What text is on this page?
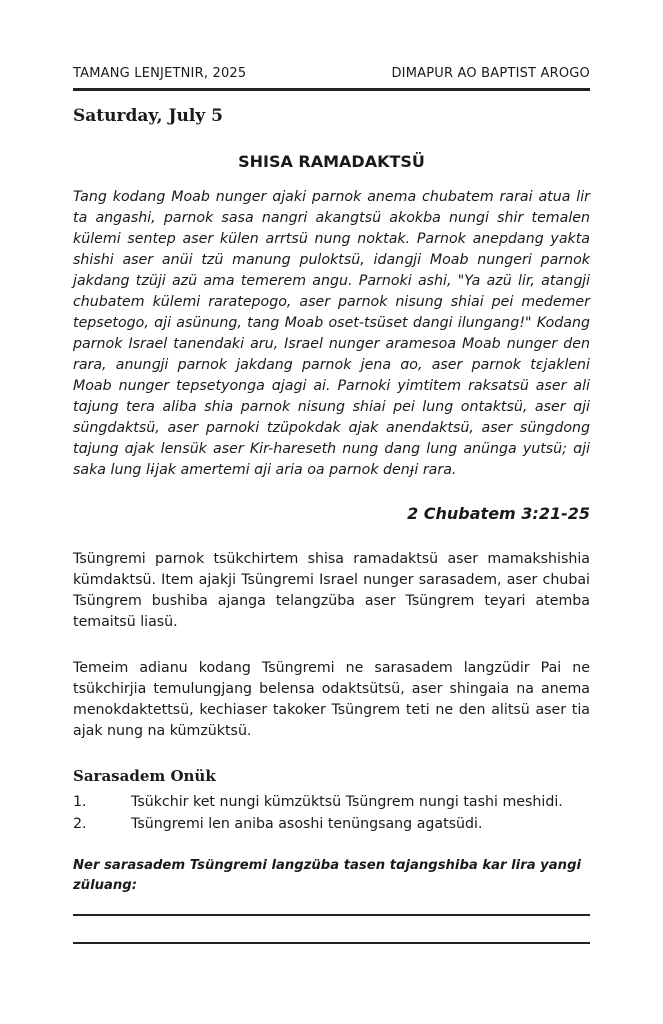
TAMANG LENJETNIR, 2025	DIMAPUR AO BAPTIST AROGO
Saturday, July 5
SHISA RAMADAKTSÜ
Tang kodang Moab nunger ɑjaki parnok anema chubatem rarai atua lir ta angashi, parnok sasa nangri akangtsü akokba nungi shir temalen külemi sentep aser külen arrtsü nung noktak. Parnok anepdang yakta shishi aser anüi tzü manung puloktsü, idanɡji Moab nungeri parnok jakdang tzüji azü ama temerem angu. Parnoki ashi, "Ya azü lir, atanɡji chubatem külemi raratepogo, aser parnok nisung shiai pei medemer tepsetogo, ɑji asünung, tang Moab oset-tsüset dangi ilungang!" Kodang parnok Israel tanendaki aru, Israel nunger aramesoa Moab nunger den rara, anunɡji parnok jakdang parnok jena ɑo, aser parnok tɛjakleni Moab nunger tepsetyonga ɑjagi ai. Parnoki yimtitem raksatsü aser ali tɑjung tera aliba shia parnok nisung shiai pei lung ontaktsü, aser ɑji süngdaktsü, aser parnoki tzüpokdak ɑjak anendaktsü, aser süngdong tɑjung ɑjak lensük aser Kir-hareseth nung dang lung anünga yutsü; ɑji saka lung lɨjak amertemi ɑji aria oa parnok denɟi rara.
2 Chubatem 3:21-25
Tsüngremi parnok tsükchirtem shisa ramadaktsü aser mamakshishia kümdaktsü. Item ajakji Tsüngremi Israel nunger sarasadem, aser chubai Tsüngrem bushiba ajanga telangzüba aser Tsüngrem teyari atemba temaitsü liasü.
Temeim adianu kodang Tsüngremi ne sarasadem langzüdir Pai ne tsükchirjia temulungjang belensa odaktsütsü, aser shingaia na anema menokdaktettsü, kechiaser takoker Tsüngrem teti ne den alitsü aser tia ajak nung na kümzüktsü.
Sarasadem Onük
1.	Tsükchir ket nungi kümzüktsü Tsüngrem nungi tashi meshidi.
2.	Tsüngremi len aniba asoshi tenüngsang agatsüdi.
Ner sarasadem Tsüngremi langzüba tasen tɑjangshiba kar lira yangi züluang:
